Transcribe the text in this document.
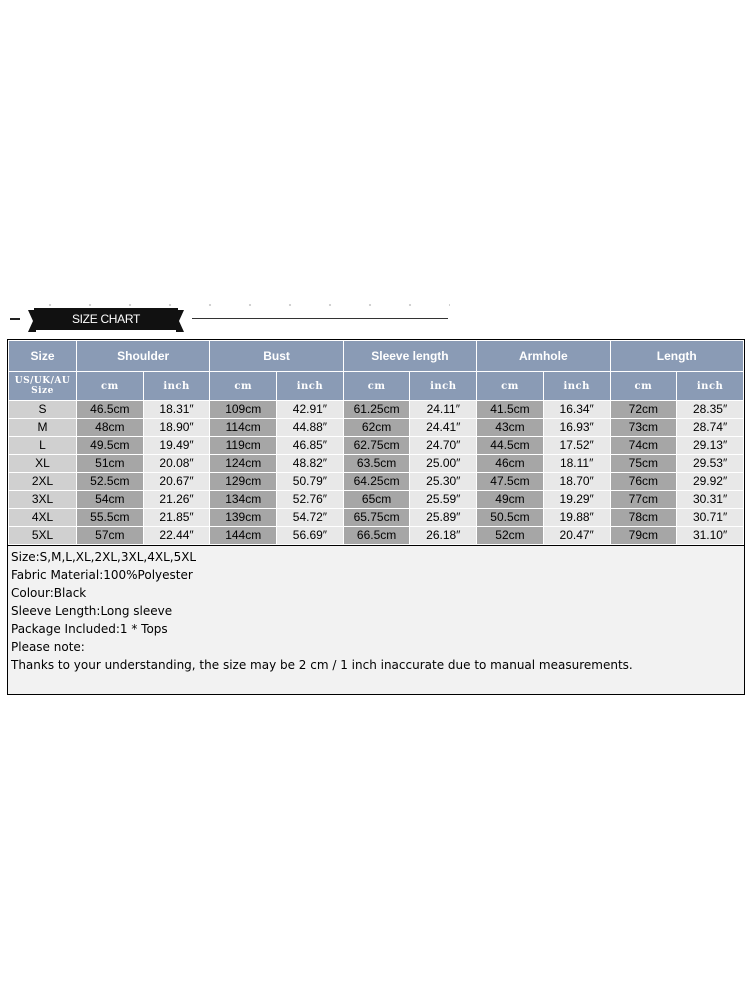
SIZE CHART
Size	Shoulder		Bust		Sleeve length		Armhole		Length	
US/UK/AU Size	cm	inch	cm	inch	cm	inch	cm	inch	cm	inch
S	46.5cm	18.31″	109cm	42.91″	61.25cm	24.11″	41.5cm	16.34″	72cm	28.35″
M	48cm	18.90″	114cm	44.88″	62cm	24.41″	43cm	16.93″	73cm	28.74″
L	49.5cm	19.49″	119cm	46.85″	62.75cm	24.70″	44.5cm	17.52″	74cm	29.13″
XL	51cm	20.08″	124cm	48.82″	63.5cm	25.00″	46cm	18.11″	75cm	29.53″
2XL	52.5cm	20.67″	129cm	50.79″	64.25cm	25.30″	47.5cm	18.70″	76cm	29.92″
3XL	54cm	21.26″	134cm	52.76″	65cm	25.59″	49cm	19.29″	77cm	30.31″
4XL	55.5cm	21.85″	139cm	54.72″	65.75cm	25.89″	50.5cm	19.88″	78cm	30.71″
5XL	57cm	22.44″	144cm	56.69″	66.5cm	26.18″	52cm	20.47″	79cm	31.10″
Size:S,M,L,XL,2XL,3XL,4XL,5XL
Fabric Material:100%Polyester
Colour:Black
Sleeve Length:Long sleeve
Package Included:1 * Tops
Please note:
Thanks to your understanding, the size may be 2 cm / 1 inch inaccurate due to manual measurements.
